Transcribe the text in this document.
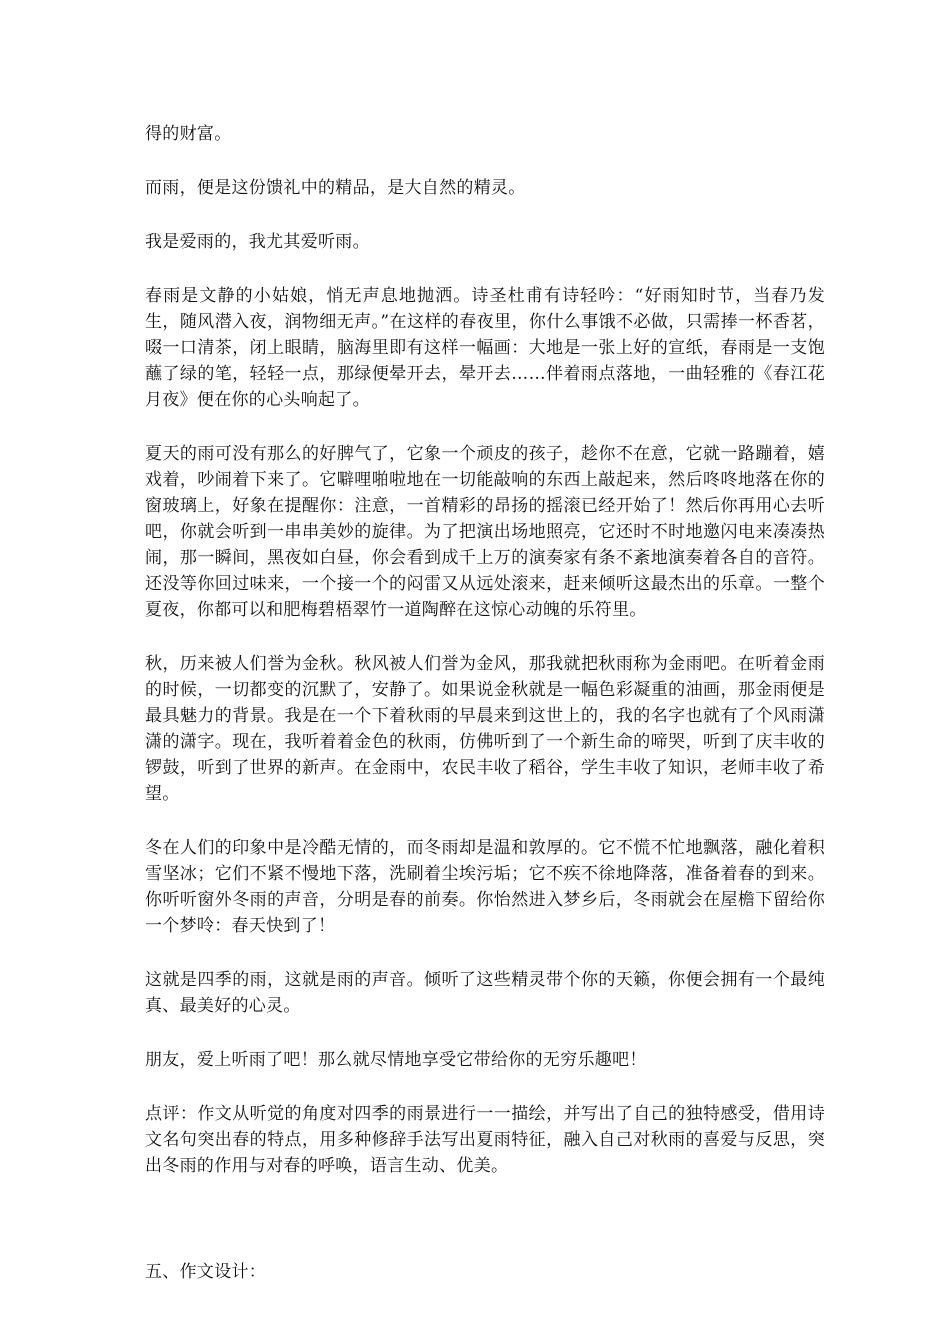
得的财富。

而雨，便是这份馈礼中的精品，是大自然的精灵。

我是爱雨的，我尤其爱听雨。

春雨是文静的小姑娘，悄无声息地抛洒。诗圣杜甫有诗轻吟：“好雨知时节，当春乃发生，随风潜入夜，润物细无声。”在这样的春夜里，你什么事饿不必做，只需捧一杯香茗，啜一口清茶，闭上眼睛，脑海里即有这样一幅画：大地是一张上好的宣纸，春雨是一支饱蘸了绿的笔，轻轻一点，那绿便晕开去，晕开去……伴着雨点落地，一曲轻雅的《春江花月夜》便在你的心头响起了。

夏天的雨可没有那么的好脾气了，它象一个顽皮的孩子，趁你不在意，它就一路蹦着，嬉戏着，吵闹着下来了。它噼哩啪啦地在一切能敲响的东西上敲起来，然后咚咚地落在你的窗玻璃上，好象在提醒你：注意，一首精彩的昂扬的摇滚已经开始了！然后你再用心去听吧，你就会听到一串串美妙的旋律。为了把演出场地照亮，它还时不时地邀闪电来凑凑热闹，那一瞬间，黑夜如白昼，你会看到成千上万的演奏家有条不紊地演奏着各自的音符。还没等你回过味来，一个接一个的闷雷又从远处滚来，赶来倾听这最杰出的乐章。一整个夏夜，你都可以和肥梅碧梧翠竹一道陶醉在这惊心动魄的乐符里。

秋，历来被人们誉为金秋。秋风被人们誉为金风，那我就把秋雨称为金雨吧。在听着金雨的时候，一切都变的沉默了，安静了。如果说金秋就是一幅色彩凝重的油画，那金雨便是最具魅力的背景。我是在一个下着秋雨的早晨来到这世上的，我的名字也就有了个风雨潇潇的潇字。现在，我听着着金色的秋雨，仿佛听到了一个新生命的啼哭，听到了庆丰收的锣鼓，听到了世界的新声。在金雨中，农民丰收了稻谷，学生丰收了知识，老师丰收了希望。

冬在人们的印象中是冷酷无情的，而冬雨却是温和敦厚的。它不慌不忙地飘落，融化着积雪坚冰；它们不紧不慢地下落，洗刷着尘埃污垢；它不疾不徐地降落，准备着春的到来。你听听窗外冬雨的声音，分明是春的前奏。你怡然进入梦乡后，冬雨就会在屋檐下留给你一个梦呤：春天快到了！

这就是四季的雨，这就是雨的声音。倾听了这些精灵带个你的天籁，你便会拥有一个最纯真、最美好的心灵。

朋友，爱上听雨了吧！那么就尽情地享受它带给你的无穷乐趣吧！

点评：作文从听觉的角度对四季的雨景进行一一描绘，并写出了自己的独特感受，借用诗文名句突出春的特点，用多种修辞手法写出夏雨特征，融入自己对秋雨的喜爱与反思，突出冬雨的作用与对春的呼唤，语言生动、优美。

五、作文设计：
